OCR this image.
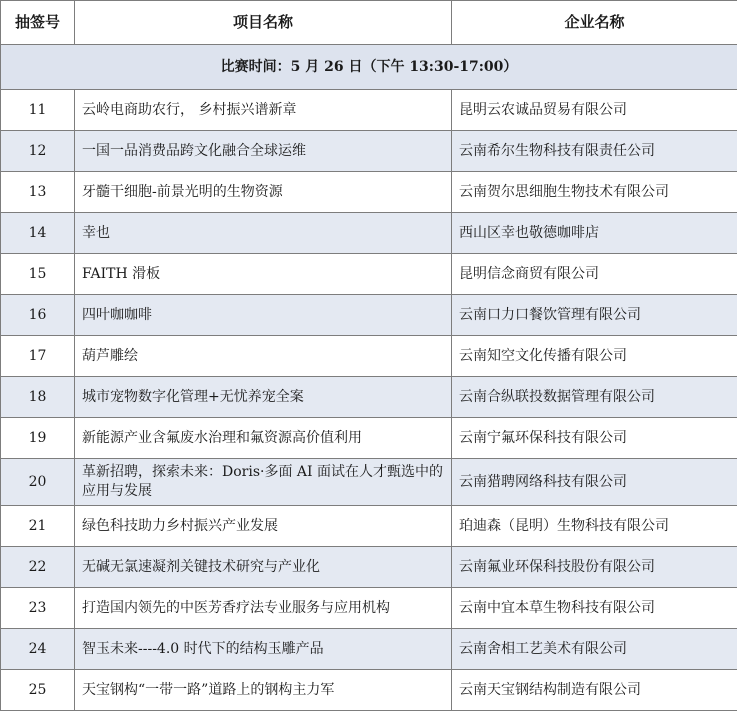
抽签号	项目名称	企业名称
比赛时间：5 月 26 日（下午 13:30-17:00）		
11	云岭电商助农行， 乡村振兴谱新章	昆明云农诚品贸易有限公司
12	一国一品消费品跨文化融合全球运维	云南希尔生物科技有限责任公司
13	牙髓干细胞-前景光明的生物资源	云南贺尔思细胞生物技术有限公司
14	幸也	西山区幸也敬德咖啡店
15	FAITH 滑板	昆明信念商贸有限公司
16	四叶咖咖啡	云南口力口餐饮管理有限公司
17	葫芦雕绘	云南知空文化传播有限公司
18	城市宠物数字化管理+无忧养宠全案	云南合纵联投数据管理有限公司
19	新能源产业含氟废水治理和氟资源高价值利用	云南宁氟环保科技有限公司
20	革新招聘，探索未来：Doris·多面 AI 面试在人才甄选中的应用与发展	云南猎聘网络科技有限公司
21	绿色科技助力乡村振兴产业发展	珀迪森（昆明）生物科技有限公司
22	无碱无氯速凝剂关键技术研究与产业化	云南氟业环保科技股份有限公司
23	打造国内领先的中医芳香疗法专业服务与应用机构	云南中宜本草生物科技有限公司
24	智玉未来----4.0 时代下的结构玉雕产品	云南舍相工艺美术有限公司
25	天宝钢构“一带一路”道路上的钢构主力军	云南天宝钢结构制造有限公司
